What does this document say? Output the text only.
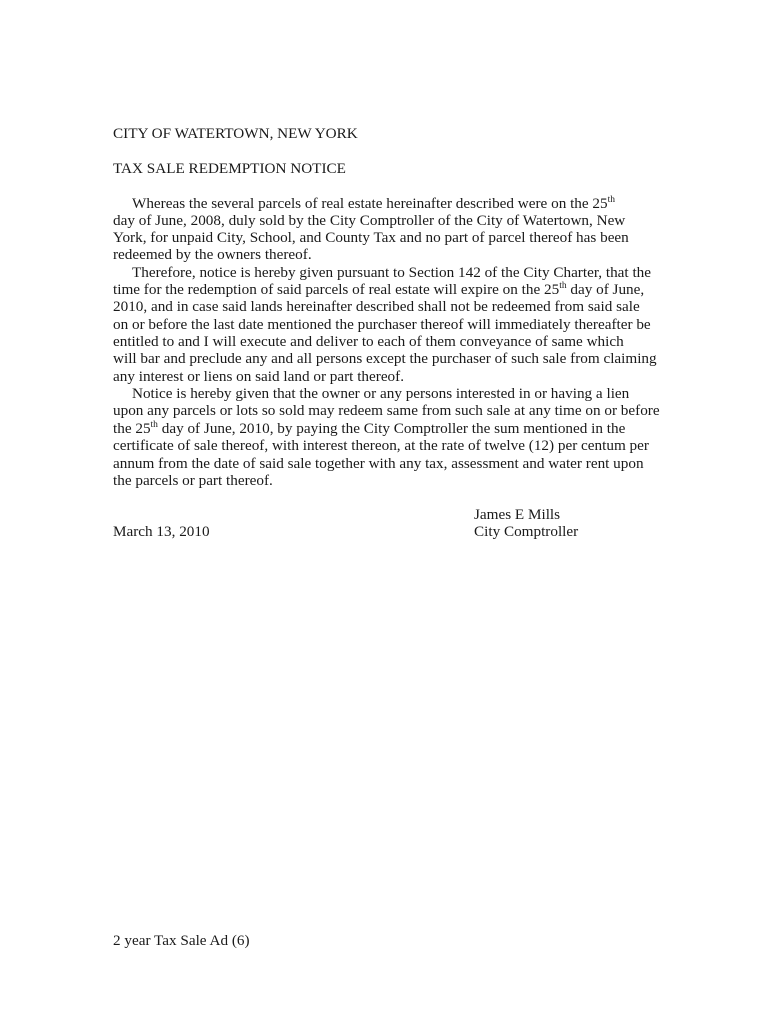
CITY OF WATERTOWN, NEW YORK

TAX SALE REDEMPTION NOTICE

Whereas the several parcels of real estate hereinafter described were on the 25th

day of June, 2008, duly sold by the City Comptroller of the City of Watertown, New

York, for unpaid City, School, and County Tax and no part of parcel thereof has been

redeemed by the owners thereof.

Therefore, notice is hereby given pursuant to Section 142 of the City Charter, that the

time for the redemption of said parcels of real estate will expire on the 25th day of June,

2010, and in case said lands hereinafter described shall not be redeemed from said sale

on or before the last date mentioned the purchaser thereof will immediately thereafter be

entitled to and I will execute and deliver to each of them conveyance of same which

will bar and preclude any and all persons except the purchaser of such sale from claiming

any interest or liens on said land or part thereof.

Notice is hereby given that the owner or any persons interested in or having a lien

upon any parcels or lots so sold may redeem same from such sale at any time on or before

the 25th day of June, 2010, by paying the City Comptroller the sum mentioned in the

certificate of sale thereof, with interest thereon, at the rate of twelve (12) per centum per

annum from the date of said sale together with any tax, assessment and water rent upon

the parcels or part thereof.

James E Mills

March 13, 2010	City Comptroller

2 year Tax Sale Ad (6)
